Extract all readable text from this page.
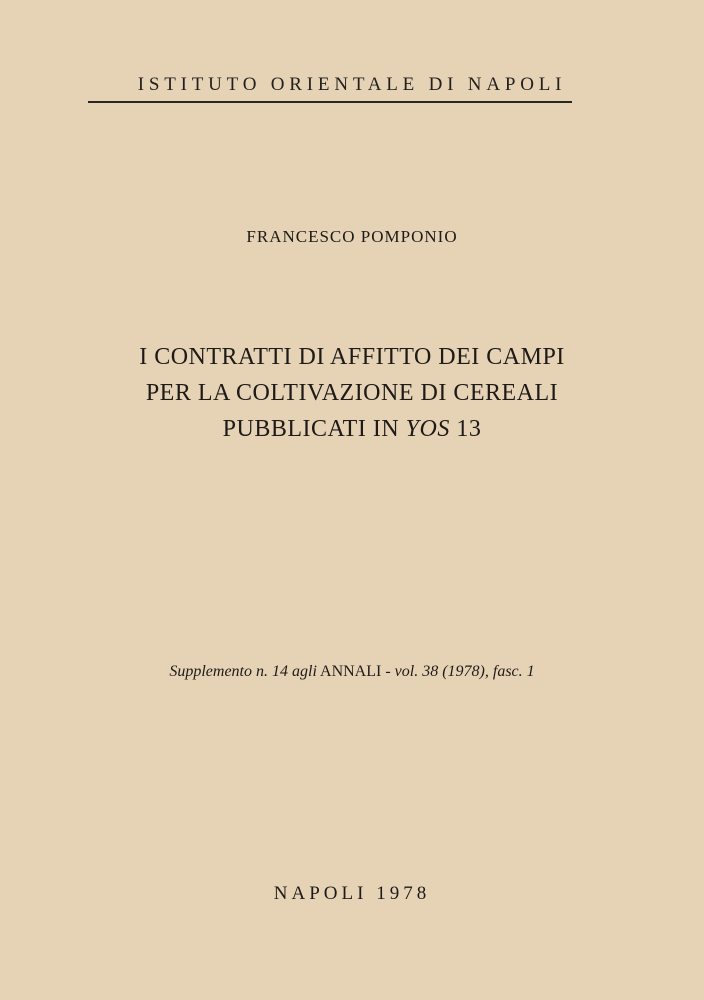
ISTITUTO ORIENTALE DI NAPOLI
FRANCESCO POMPONIO
I CONTRATTI DI AFFITTO DEI CAMPI
PER LA COLTIVAZIONE DI CEREALI
PUBBLICATI IN YOS 13
Supplemento n. 14 agli ANNALI - vol. 38 (1978), fasc. 1
NAPOLI 1978
